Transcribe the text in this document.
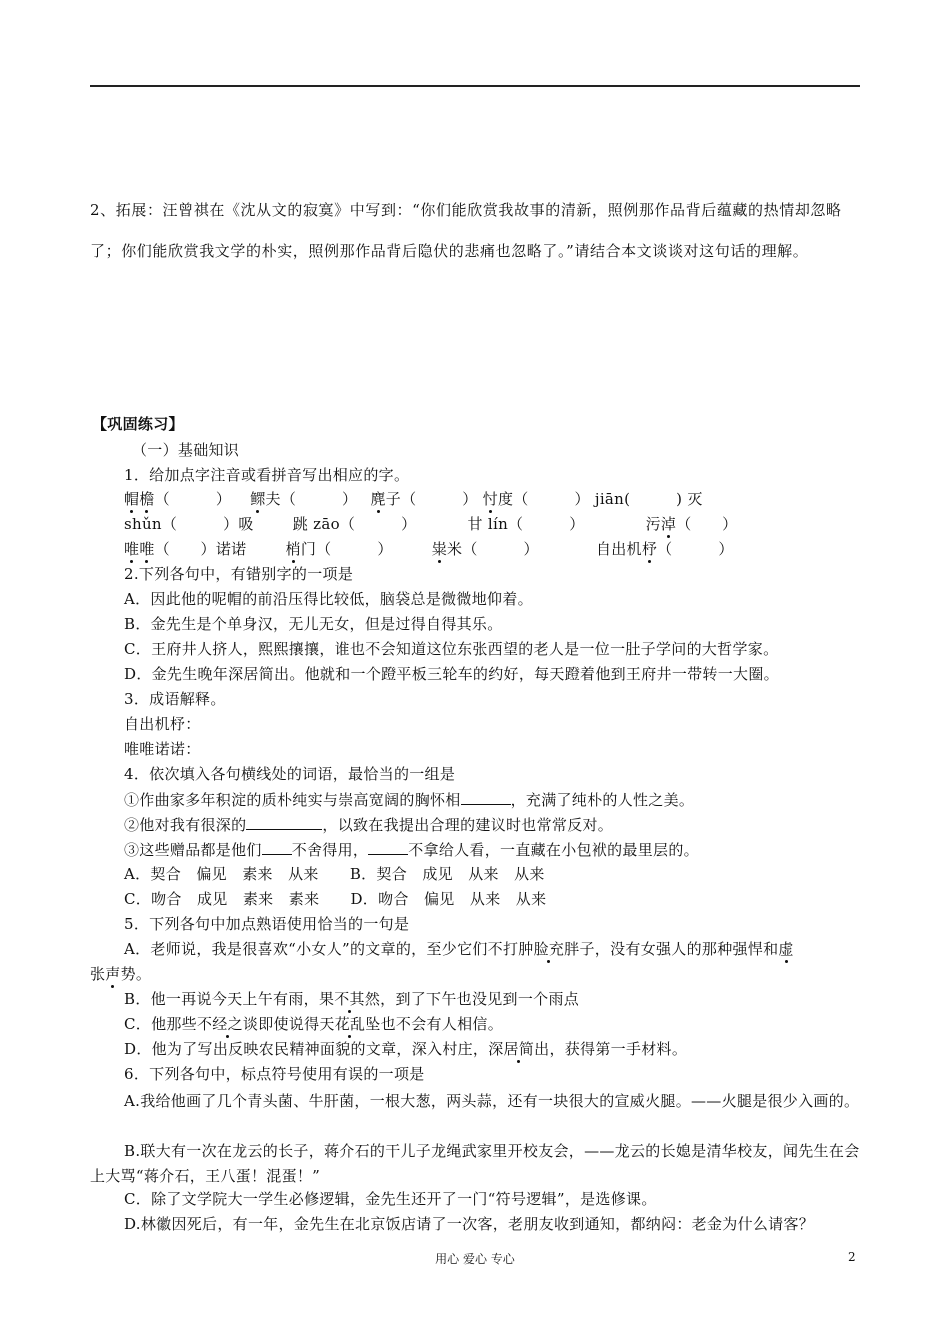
2、拓展：汪曾祺在《沈从文的寂寞》中写到：“你们能欣赏我故事的清新，照例那作品背后蕴藏的热情却忽略了；你们能欣赏我文学的朴实，照例那作品背后隐伏的悲痛也忽略了。”请结合本文谈谈对这句话的理解。
【巩固练习】
（一）基础知识
1．给加点字注音或看拼音写出相应的字。
帽檐（　　　） 鳏夫（　　　） 麂子（　　　） 忖度（　　　） jiān(　　　) 灭
shǔn（　　　）吸	跳 zāo（　　　）	甘 lín（　　　）	污淖（　　）
唯唯（　　）诺诺	梢门（　　　）	粜米（　　　）	自出机杼（　　　）
2.下列各句中，有错别字的一项是
A．因此他的呢帽的前沿压得比较低，脑袋总是微微地仰着。
B．金先生是个单身汉，无儿无女，但是过得自得其乐。
C．王府井人挤人，熙熙攘攘，谁也不会知道这位东张西望的老人是一位一肚子学问的大哲学家。
D．金先生晚年深居简出。他就和一个蹬平板三轮车的约好，每天蹬着他到王府井一带转一大圈。
3．成语解释。
自出机杼：
唯唯诺诺：
4．依次填入各句横线处的词语，最恰当的一组是
①作曲家多年积淀的质朴纯实与崇高宽阔的胸怀相	，充满了纯朴的人性之美。
②他对我有很深的	，以致在我提出合理的建议时也常常反对。
③这些赠品都是他们 不舍得用，	不拿给人看，一直藏在小包袱的最里层的。
A．契合　偏见　素来　从来 B．契合　成见　从来　从来
C．吻合　成见　素来　素来 D．吻合　偏见　从来　从来
5．下列各句中加点熟语使用恰当的一句是
A．老师说，我是很喜欢“小女人”的文章的，至少它们不打肿脸充胖子，没有女强人的那种强悍和虚
张声势。
B．他一再说今天上午有雨，果不其然，到了下午也没见到一个雨点
C．他那些不经之谈即使说得天花乱坠也不会有人相信。
D．他为了写出反映农民精神面貌的文章，深入村庄，深居简出，获得第一手材料。
6．下列各句中，标点符号使用有误的一项是
A.我给他画了几个青头菌、牛肝菌，一根大葱，两头蒜，还有一块很大的宣威火腿。——火腿是很少入画的。
B.联大有一次在龙云的长子，蒋介石的干儿子龙绳武家里开校友会，——龙云的长媳是清华校友，闻先生在会上大骂“蒋介石，王八蛋！混蛋！”
C．除了文学院大一学生必修逻辑，金先生还开了一门“符号逻辑”，是选修课。
D.林徽因死后，有一年，金先生在北京饭店请了一次客，老朋友收到通知，都纳闷：老金为什么请客？
用心 爱心 专心	2
